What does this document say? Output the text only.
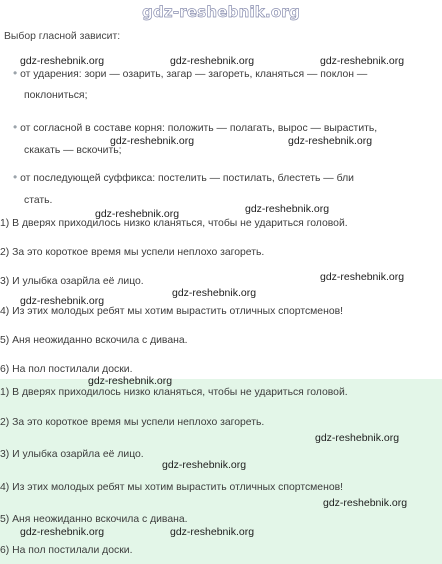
gdz-reshebnik.org
Выбор гласной зависит:
• от ударения: зори — озарить, загар — загореть, кланяться — поклон —
поклониться;
• от согласной в составе корня: положить — полагать, вырос — вырастить,
скакать — вскочить;
• от последующей суффикса: постелить — постилать, блестеть — бли
стать.
1) В дверях приходилось низко кланяться, чтобы не удариться головой.
2) За это короткое время мы успели неплохо загореть.
3) И улыбка озарйла её лицо.
4) Из этих молодых ребят мы хотим вырастить отличных спортсменов!
5) Аня неожиданно вскочила с дивана.
6) На пол постилали доски.
1) В дверях приходилось низко кланяться, чтобы не удариться головой.
2) За это короткое время мы успели неплохо загореть.
3) И улыбка озарйла её лицо.
4) Из этих молодых ребят мы хотим вырастить отличных спортсменов!
5) Аня неожиданно вскочила с дивана.
6) На пол постилали доски.
gdz-reshebnik.org	gdz-reshebnik.org	gdz-reshebnik.org
gdz-reshebnik.org	gdz-reshebnik.org
gdz-reshebnik.org	gdz-reshebnik.org
gdz-reshebnik.org
gdz-reshebnik.org
gdz-reshebnik.org
gdz-reshebnik.org
gdz-reshebnik.org
gdz-reshebnik.org
gdz-reshebnik.org
gdz-reshebnik.org	gdz-reshebnik.org
